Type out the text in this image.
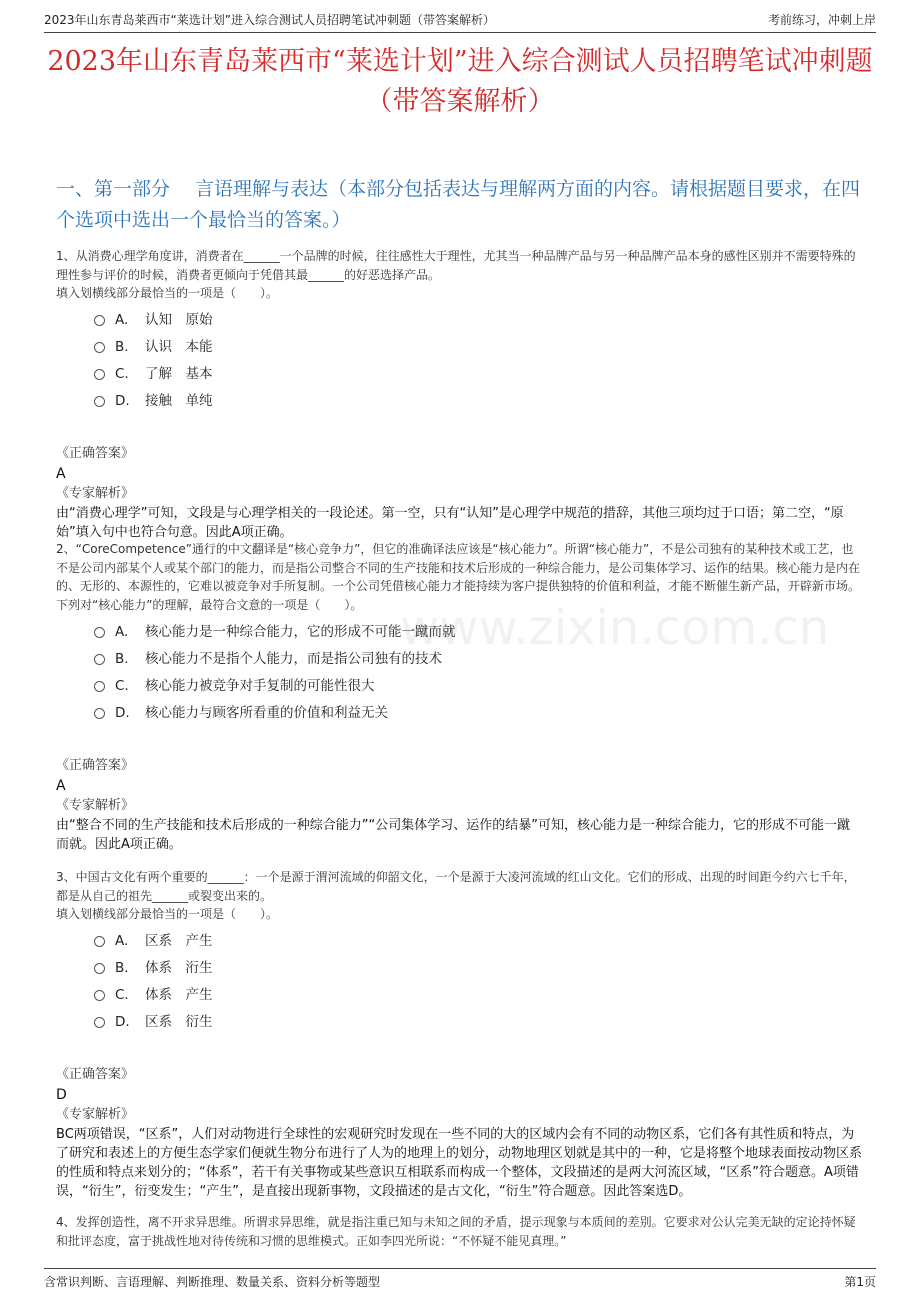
2023年山东青岛莱西市“莱选计划”进入综合测试人员招聘笔试冲刺题（带答案解析）	考前练习，冲刺上岸
2023年山东青岛莱西市“莱选计划”进入综合测试人员招聘笔试冲刺题（带答案解析）
一、第一部分　 言语理解与表达（本部分包括表达与理解两方面的内容。请根据题目要求，在四个选项中选出一个最恰当的答案。）
www.zixin.com.cn

1、从消费心理学角度讲，消费者在______一个品牌的时候，往往感性大于理性，尤其当一种品牌产品与另一种品牌产品本身的感性区别并不需要特殊的理性参与评价的时候，消费者更倾向于凭借其最______的好恶选择产品。

填入划横线部分最恰当的一项是（　　）。

A. 认知　原始
B. 认识　本能
C. 了解　基本
D. 接触　单纯
《正确答案》
A
《专家解析》

由“消费心理学”可知，文段是与心理学相关的一段论述。第一空，只有“认知”是心理学中规范的措辞，其他三项均过于口语；第二空，“原始”填入句中也符合句意。因此A项正确。

2、“CoreCompetence”通行的中文翻译是“核心竞争力”，但它的准确译法应该是“核心能力”。所谓“核心能力”，不是公司独有的某种技术或工艺，也不是公司内部某个人或某个部门的能力，而是指公司整合不同的生产技能和技术后形成的一种综合能力，是公司集体学习、运作的结果。核心能力是内在的、无形的、本源性的，它难以被竞争对手所复制。一个公司凭借核心能力才能持续为客户提供独特的价值和利益，才能不断催生新产品，开辟新市场。

下列对“核心能力”的理解，最符合文意的一项是（　　）。

A. 核心能力是一种综合能力，它的形成不可能一蹴而就
B. 核心能力不是指个人能力，而是指公司独有的技术
C. 核心能力被竞争对手复制的可能性很大
D. 核心能力与顾客所看重的价值和利益无关
《正确答案》
A
《专家解析》

由“整合不同的生产技能和技术后形成的一种综合能力”“公司集体学习、运作的结暴”可知，核心能力是一种综合能力，它的形成不可能一蹴而就。因此A项正确。

3、中国古文化有两个重要的______：一个是源于渭河流域的仰韶文化，一个是源于大凌河流域的红山文化。它们的形成、出现的时间距今约六七千年，都是从自己的祖先______或裂变出来的。

填入划横线部分最恰当的一项是（　　）。

A. 区系　产生
B. 体系　洐生
C. 体系　产生
D. 区系　衍生
《正确答案》
D
《专家解析》

BC两项错误，“区系”，人们对动物进行全球性的宏观研究时发现在一些不同的大的区域内会有不同的动物区系，它们各有其性质和特点，为了研究和表述上的方便生态学家们便就生物分布进行了人为的地理上的划分，动物地理区划就是其中的一种，它是将整个地球表面按动物区系的性质和特点来划分的；“体系”，若干有关事物或某些意识互相联系而构成一个整体，文段描述的是两大河流区域，“区系”符合题意。A项错误，“衍生”，衍变发生；“产生”，是直接出现新事物，文段描述的是古文化，“衍生”符合题意。因此答案选D。

4、发挥创造性，离不开求异思维。所谓求异思维，就是指注重已知与未知之间的矛盾，提示现象与本质间的差别。它要求对公认完美无缺的定论持怀疑和批评态度，富于挑战性地对待传统和习惯的思维模式。正如李四光所说：“不怀疑不能见真理。”

含常识判断、言语理解、判断推理、数量关系、资料分析等题型	第1页
